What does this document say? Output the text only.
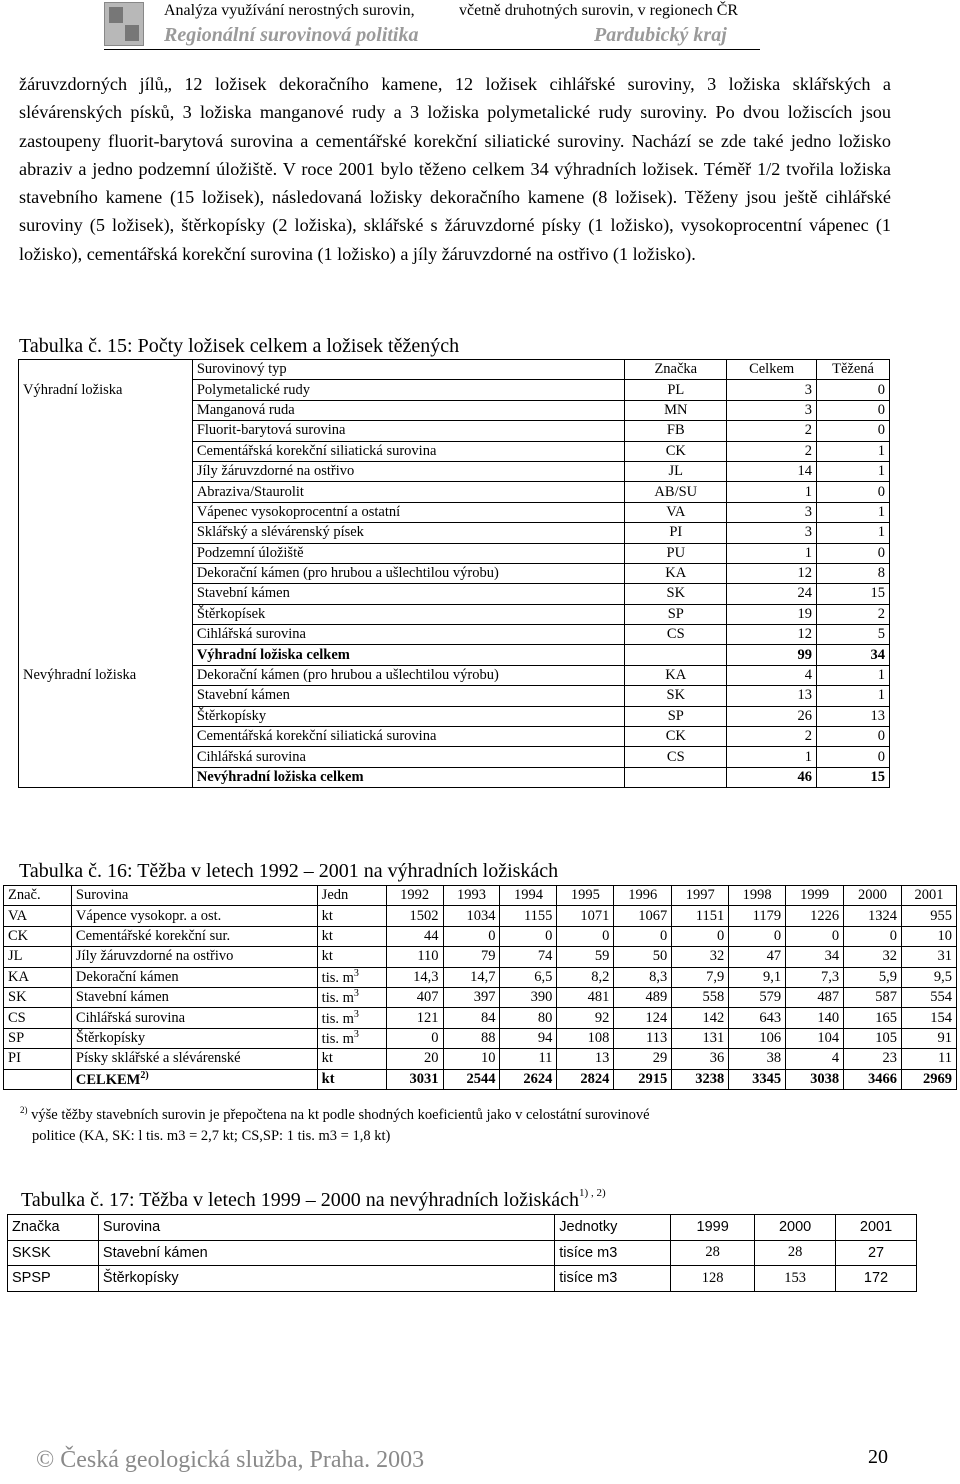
Analýza využívání nerostných surovin,	včetně druhotných surovin, v regionech ČR
Regionální surovinová politika	Pardubický kraj

žáruvzdorných jílů„ 12 ložisek dekoračního kamene, 12 ložisek cihlářské suroviny, 3 ložiska sklářských a slévárenských písků, 3 ložiska manganové rudy a 3 ložiska polymetalické rudy suroviny. Po dvou ložiscích jsou zastoupeny fluorit-barytová surovina a cementářské korekční siliatické suroviny. Nachází se zde také jedno ložisko abraziv a jedno podzemní úložiště. V roce 2001 bylo těženo celkem 34 výhradních ložisek. Téměř 1/2 tvořila ložiska stavebního kamene (15 ložisek), následovaná ložisky dekoračního kamene (8 ložisek). Těženy jsou ještě cihlářské suroviny (5 ložisek), štěrkopísky (2 ložiska), sklářské s žáruvzdorné písky (1 ložisko), vysokoprocentní vápenec (1 ložisko), cementářská korekční surovina (1 ložisko) a jíly žáruvzdorné na ostřivo (1 ložisko).

Tabulka č. 15: Počty ložisek celkem a ložisek těžených
	Surovinový typ	Značka	Celkem	Těžená
Výhradní ložiska	Polymetalické rudy	PL	3	0
	Manganová ruda	MN	3	0
	Fluorit-barytová surovina	FB	2	0
	Cementářská korekční siliatická surovina	CK	2	1
	Jíly žáruvzdorné na ostřivo	JL	14	1
	Abraziva/Staurolit	AB/SU	1	0
	Vápenec vysokoprocentní a ostatní	VA	3	1
	Sklářský a slévárenský písek	PI	3	1
	Podzemní úložiště	PU	1	0
	Dekorační kámen (pro hrubou a ušlechtilou výrobu)	KA	12	8
	Stavební kámen	SK	24	15
	Štěrkopísek	SP	19	2
	Cihlářská surovina	CS	12	5
	Výhradní ložiska celkem		99	34
Nevýhradní ložiska	Dekorační kámen (pro hrubou a ušlechtilou výrobu)	KA	4	1
	Stavební kámen	SK	13	1
	Štěrkopísky	SP	26	13
	Cementářská korekční siliatická surovina	CK	2	0
	Cihlářská surovina	CS	1	0
	Nevýhradní ložiska celkem		46	15
Tabulka č. 16: Těžba v letech 1992 – 2001 na výhradních ložiskách
Znač.	Surovina	Jedn	1992	1993	1994	1995	1996	1997	1998	1999	2000	2001
VA	Vápence vysokopr. a ost.	kt	1502	1034	1155	1071	1067	1151	1179	1226	1324	955
CK	Cementářské korekční sur.	kt	44	0	0	0	0	0	0	0	0	10
JL	Jíly žáruvzdorné na ostřivo	kt	110	79	74	59	50	32	47	34	32	31
KA	Dekorační kámen	tis. $m^3$	14,3	14,7	6,5	8,2	8,3	7,9	9,1	7,3	5,9	9,5
SK	Stavební kámen	tis. $m^3$	407	397	390	481	489	558	579	487	587	554
CS	Cihlářská surovina	tis. $m^3$	121	84	80	92	124	142	643	140	165	154
SP	Štěrkopísky	tis. $m^3$	0	88	94	108	113	131	106	104	105	91
PI	Písky sklářské a slévárenské	kt	20	10	11	13	29	36	38	4	23	11
	CELKEM$^{2)}$	kt	3031	2544	2624	2824	2915	3238	3345	3038	3466	2969
$^{2)}$ výše těžby stavebních surovin je přepočtena na kt podle shodných koeficientů jako v celostátní surovinové
politice (KA, SK: l tis. m3 = 2,7 kt; CS,SP: 1 tis. m3 = 1,8 kt)
Tabulka č. 17: Těžba v letech 1999 – 2000 na nevýhradních ložiskách$^{1) , 2)}$
Značka	Surovina	Jednotky	1999	2000	2001
SKSK	Stavební kámen	tisíce m3	28	28	27
SPSP	Štěrkopísky	tisíce m3	128	153	172
© Česká geologická služba, Praha. 2003	20
